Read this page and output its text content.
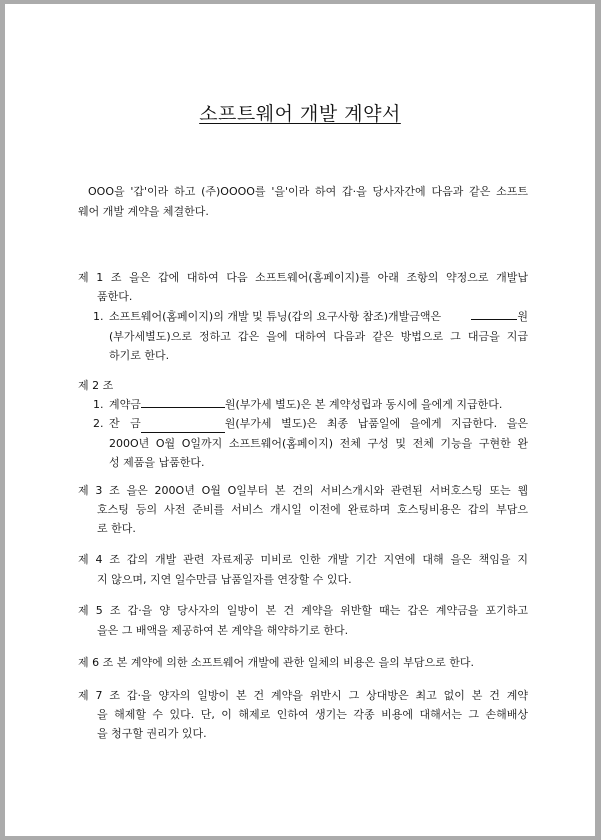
소프트웨어 개발 계약서
OOO을 '갑'이라 하고 (주)OOOO를 '을'이라 하여 갑·을 당사자간에 다음과 같은 소프트
웨어 개발 계약을 체결한다.
제 1 조 을은 갑에 대하여 다음 소프트웨어(홈페이지)를 아래 조항의 약정으로 개발납
품한다.
1. 소프트웨어(홈페이지)의 개발 및 튜닝(갑의 요구사항 참조)개발금액은	원
(부가세별도)으로 정하고 갑은 을에 대하여 다음과 같은 방법으로 그 대금을 지급
하기로 한다.
제 2 조
1. 계약금	원(부가세 별도)은 본 계약성립과 동시에 을에게 지급한다.
2. 잔   금	원(부가세 별도)은 최종 납품일에 을에게 지급한다. 을은
200O년 O월 O일까지 소프트웨어(홈페이지) 전체 구성 및 전체 기능을 구현한 완
성 제품을 납품한다.
제 3 조 을은 200O년 O월 O일부터 본 건의 서비스개시와 관련된 서버호스팅 또는 웹
호스팅 등의 사전 준비를 서비스 개시일 이전에 완료하며 호스팅비용은 갑의 부담으
로 한다.
제 4 조 갑의 개발 관련 자료제공 미비로 인한 개발 기간 지연에 대해 을은 책임을 지
지 않으며, 지연 일수만큼 납품일자를 연장할 수 있다.
제 5 조 갑·을 양 당사자의 일방이 본 건 계약을 위반할 때는 갑은 계약금을 포기하고
을은 그 배액을 제공하여 본 계약을 해약하기로 한다.
제 6 조 본 계약에 의한 소프트웨어 개발에 관한 일체의 비용은 을의 부담으로 한다.
제 7 조 갑·을 양자의 일방이 본 건 계약을 위반시 그 상대방은 최고 없이 본 건 계약
을 해제할 수 있다. 단, 이 해제로 인하여 생기는 각종 비용에 대해서는 그 손해배상
을 청구할 권리가 있다.
